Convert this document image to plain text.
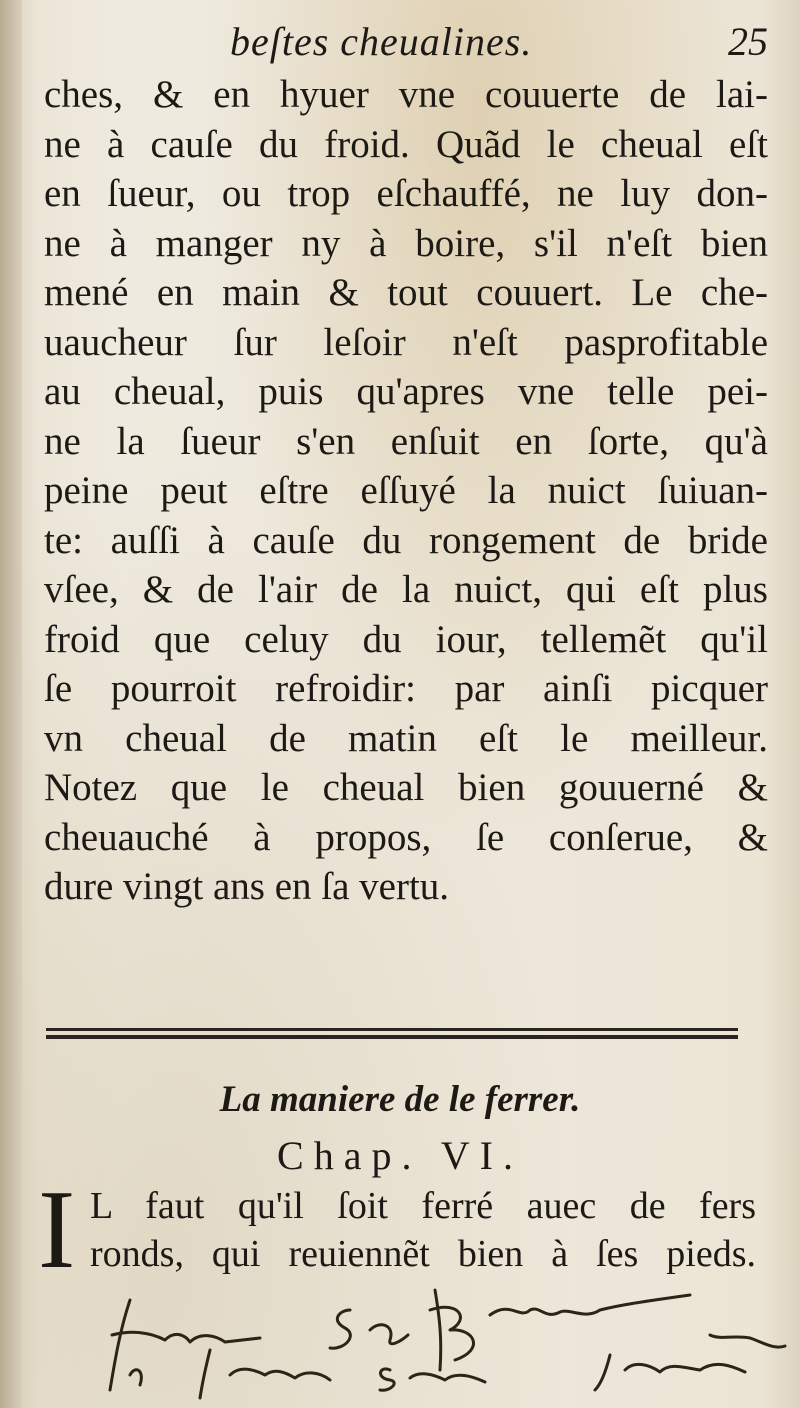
beſtes cheualines.	25
ches, & en hyuer vne couuerte de lai-
ne à cauſe du froid. Quãd le cheual eſt
en ſueur, ou trop eſchauffé, ne luy don-
ne à manger ny à boire, s'il n'eſt bien
mené en main & tout couuert. Le che-
uaucheur ſur leſoir n'eſt pasprofitable
au cheual, puis qu'apres vne telle pei-
ne la ſueur s'en enſuit en ſorte, qu'à
peine peut eſtre eſſuyé la nuict ſuiuan-
te: auſſi à cauſe du rongement de bride
vſee, & de l'air de la nuict, qui eſt plus
froid que celuy du iour, tellemẽt qu'il
ſe pourroit refroidir: par ainſi picquer
vn cheual de matin eſt le meilleur.
Notez que le cheual bien gouuerné &
cheuauché à propos, ſe conſerue, &
dure vingt ans en ſa vertu.
La maniere de le ferrer.
Chap. VI.
I L faut qu'il ſoit ferré auec de fers
ronds, qui reuiennẽt bien à ſes pieds.
